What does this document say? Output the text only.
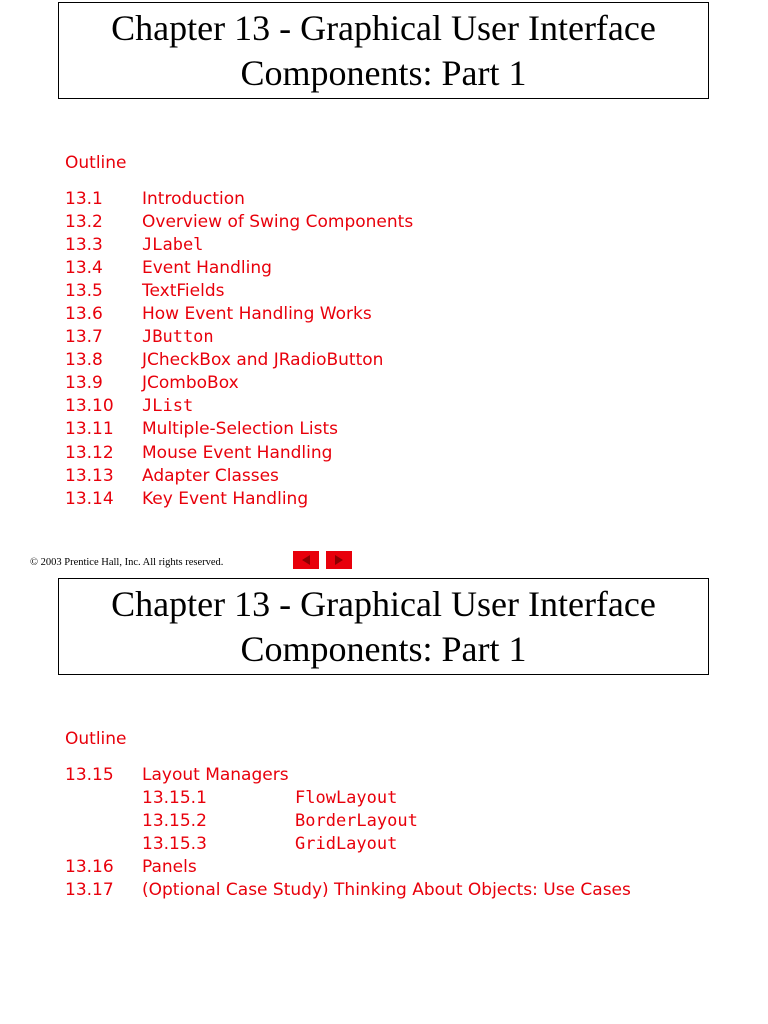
Chapter 13 - Graphical User Interface
Components: Part 1
Outline
13.1	Introduction
13.2	Overview of Swing Components
13.3	JLabel
13.4	Event Handling
13.5	TextFields
13.6	How Event Handling Works
13.7	JButton
13.8	JCheckBox and JRadioButton
13.9	JComboBox
13.10	JList
13.11	Multiple-Selection Lists
13.12	Mouse Event Handling
13.13	Adapter Classes
13.14	Key Event Handling
© 2003 Prentice Hall, Inc. All rights reserved.
Chapter 13 - Graphical User Interface
Components: Part 1
Outline
13.15	Layout Managers
13.15.1	FlowLayout
13.15.2	BorderLayout
13.15.3	GridLayout
13.16	Panels
13.17	(Optional Case Study) Thinking About Objects: Use Cases
